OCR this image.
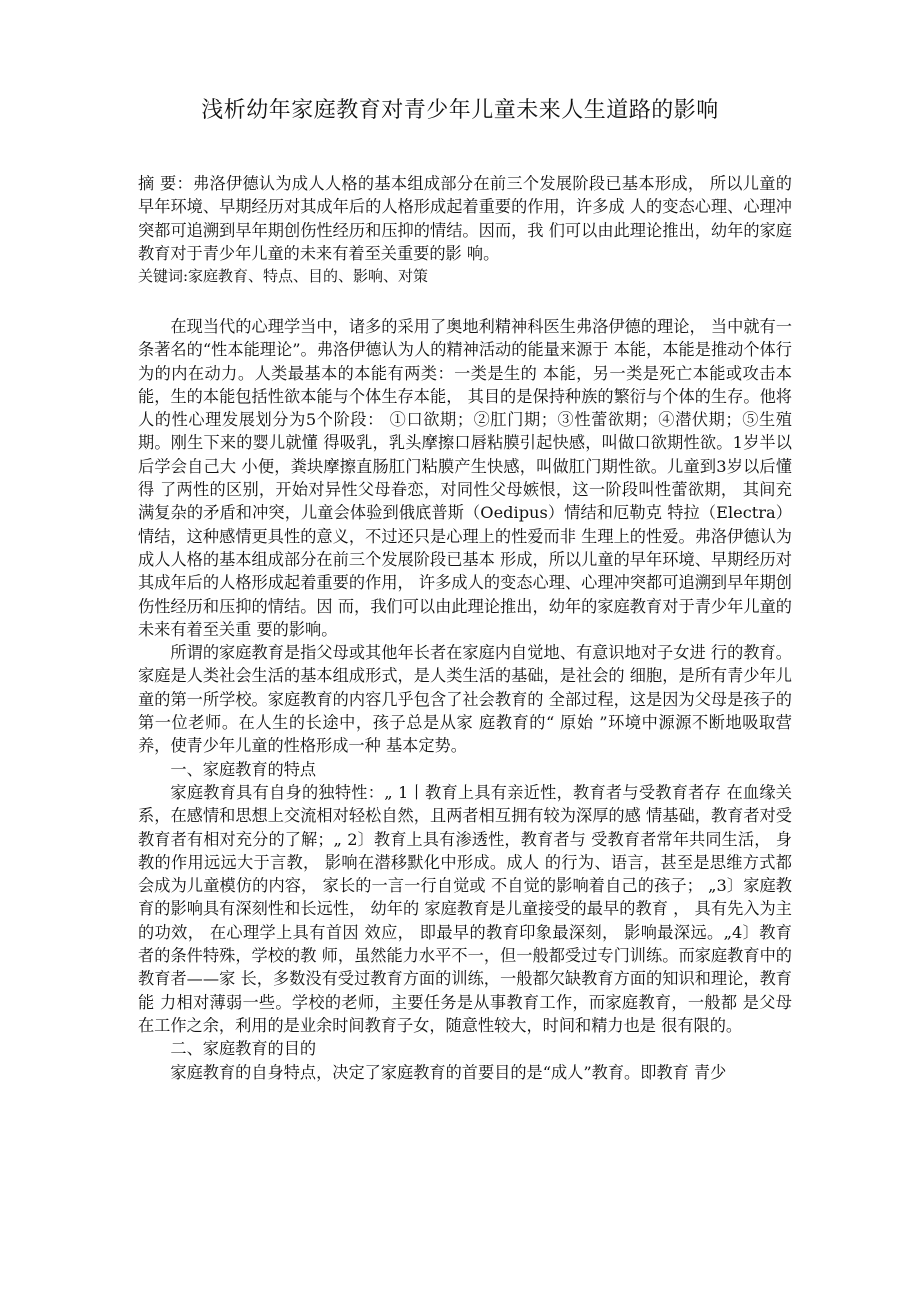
浅析幼年家庭教育对青少年儿童未来人生道路的影响

摘 要：弗洛伊德认为成人人格的基本组成部分在前三个发展阶段已基本形成， 所以儿童的早年环境、早期经历对其成年后的人格形成起着重要的作用，许多成 人的变态心理、心理冲突都可追溯到早年期创伤性经历和压抑的情结。因而，我 们可以由此理论推出，幼年的家庭教育对于青少年儿童的未来有着至关重要的影 响。

关键词:家庭教育、特点、目的、影响、对策

在现当代的心理学当中，诸多的采用了奥地利精神科医生弗洛伊德的理论， 当中就有一条著名的“性本能理论”。弗洛伊德认为人的精神活动的能量来源于 本能，本能是推动个体行为的内在动力。人类最基本的本能有两类：一类是生的 本能，另一类是死亡本能或攻击本能，生的本能包括性欲本能与个体生存本能， 其目的是保持种族的繁衍与个体的生存。他将人的性心理发展划分为5个阶段： ①口欲期；②肛门期；③性蕾欲期；④潜伏期；⑤生殖期。刚生下来的婴儿就懂 得吸乳，乳头摩擦口唇粘膜引起快感，叫做口欲期性欲。1岁半以后学会自己大 小便，粪块摩擦直肠肛门粘膜产生快感，叫做肛门期性欲。儿童到3岁以后懂得 了两性的区别，开始对异性父母眷恋，对同性父母嫉恨，这一阶段叫性蕾欲期， 其间充满复杂的矛盾和冲突，儿童会体验到俄底普斯（Oedipus）情结和厄勒克 特拉（Electra）情结，这种感情更具性的意义，不过还只是心理上的性爱而非 生理上的性爱。弗洛伊德认为成人人格的基本组成部分在前三个发展阶段已基本 形成，所以儿童的早年环境、早期经历对其成年后的人格形成起着重要的作用， 许多成人的变态心理、心理冲突都可追溯到早年期创伤性经历和压抑的情结。因 而，我们可以由此理论推出，幼年的家庭教育对于青少年儿童的未来有着至关重 要的影响。

所谓的家庭教育是指父母或其他年长者在家庭内自觉地、有意识地对子女进 行的教育。家庭是人类社会生活的基本组成形式，是人类生活的基础，是社会的 细胞，是所有青少年儿童的第一所学校。家庭教育的内容几乎包含了社会教育的 全部过程，这是因为父母是孩子的第一位老师。在人生的长途中，孩子总是从家 庭教育的“ 原始 ”环境中源源不断地吸取营养，使青少年儿童的性格形成一种 基本定势。

一、家庭教育的特点

家庭教育具有自身的独特性：„ 1丨教育上具有亲近性，教育者与受教育者存 在血缘关系，在感情和思想上交流相对轻松自然，且两者相互拥有较为深厚的感 情基础，教育者对受教育者有相对充分的了解；„ 2〕教育上具有渗透性，教育者与 受教育者常年共同生活， 身教的作用远远大于言教， 影响在潜移默化中形成。成人 的行为、语言，甚至是思维方式都会成为儿童模仿的内容， 家长的一言一行自觉或 不自觉的影响着自己的孩子； „3〕家庭教育的影响具有深刻性和长远性， 幼年的 家庭教育是儿童接受的最早的教育 ， 具有先入为主的功效， 在心理学上具有首因 效应， 即最早的教育印象最深刻， 影响最深远。„4〕教育者的条件特殊，学校的教 师，虽然能力水平不一，但一般都受过专门训练。而家庭教育中的教育者——家 长，多数没有受过教育方面的训练，一般都欠缺教育方面的知识和理论，教育能 力相对薄弱一些。学校的老师，主要任务是从事教育工作，而家庭教育，一般都 是父母在工作之余，利用的是业余时间教育子女，随意性较大，时间和精力也是 很有限的。

二、家庭教育的目的

家庭教育的自身特点，决定了家庭教育的首要目的是“成人”教育。即教育 青少
